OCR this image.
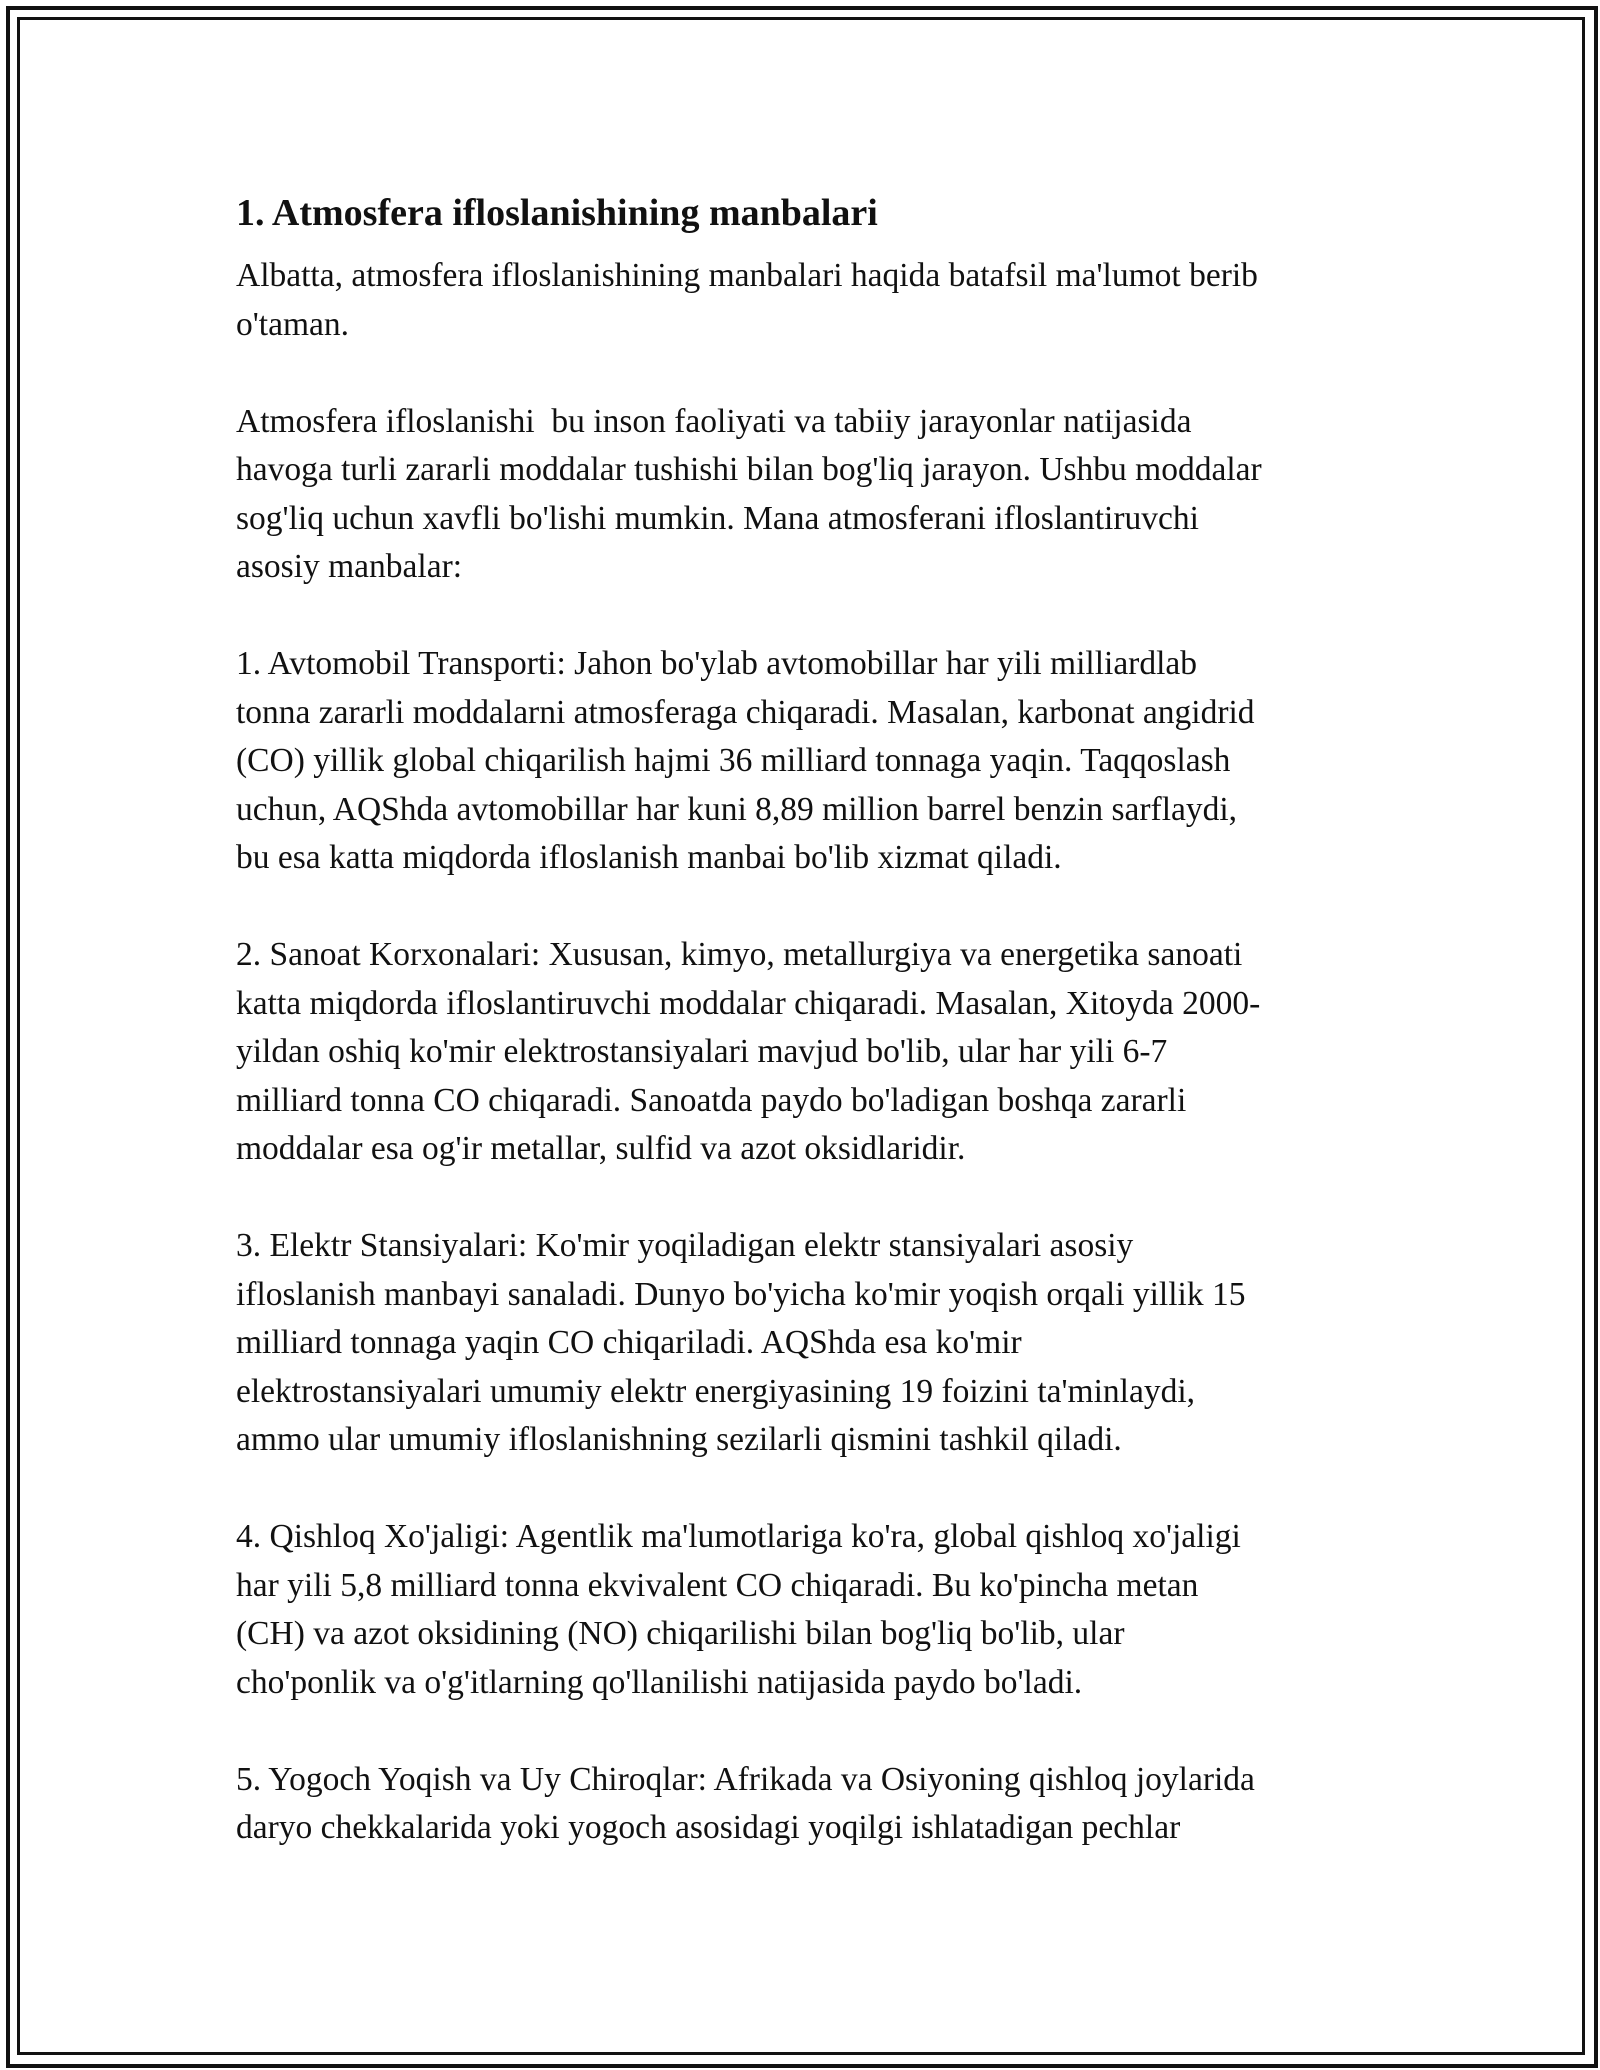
1. Atmosfera ifloslanishining manbalari
Albatta, atmosfera ifloslanishining manbalari haqida batafsil ma'lumot berib
o'taman.
Atmosfera ifloslanishi  bu inson faoliyati va tabiiy jarayonlar natijasida
havoga turli zararli moddalar tushishi bilan bog'liq jarayon. Ushbu moddalar
sog'liq uchun xavfli bo'lishi mumkin. Mana atmosferani ifloslantiruvchi
asosiy manbalar:
1. Avtomobil Transporti: Jahon bo'ylab avtomobillar har yili milliardlab
tonna zararli moddalarni atmosferaga chiqaradi. Masalan, karbonat angidrid
(CO) yillik global chiqarilish hajmi 36 milliard tonnaga yaqin. Taqqoslash
uchun, AQShda avtomobillar har kuni 8,89 million barrel benzin sarflaydi,
bu esa katta miqdorda ifloslanish manbai bo'lib xizmat qiladi.
2. Sanoat Korxonalari: Xususan, kimyo, metallurgiya va energetika sanoati
katta miqdorda ifloslantiruvchi moddalar chiqaradi. Masalan, Xitoyda 2000-
yildan oshiq ko'mir elektrostansiyalari mavjud bo'lib, ular har yili 6-7
milliard tonna CO chiqaradi. Sanoatda paydo bo'ladigan boshqa zararli
moddalar esa og'ir metallar, sulfid va azot oksidlaridir.
3. Elektr Stansiyalari: Ko'mir yoqiladigan elektr stansiyalari asosiy
ifloslanish manbayi sanaladi. Dunyo bo'yicha ko'mir yoqish orqali yillik 15
milliard tonnaga yaqin CO chiqariladi. AQShda esa ko'mir
elektrostansiyalari umumiy elektr energiyasining 19 foizini ta'minlaydi,
ammo ular umumiy ifloslanishning sezilarli qismini tashkil qiladi.
4. Qishloq Xo'jaligi: Agentlik ma'lumotlariga ko'ra, global qishloq xo'jaligi
har yili 5,8 milliard tonna ekvivalent CO chiqaradi. Bu ko'pincha metan
(CH) va azot oksidining (NO) chiqarilishi bilan bog'liq bo'lib, ular
cho'ponlik va o'g'itlarning qo'llanilishi natijasida paydo bo'ladi.
5. Yogoch Yoqish va Uy Chiroqlar: Afrikada va Osiyoning qishloq joylarida
daryo chekkalarida yoki yogoch asosidagi yoqilgi ishlatadigan pechlar
